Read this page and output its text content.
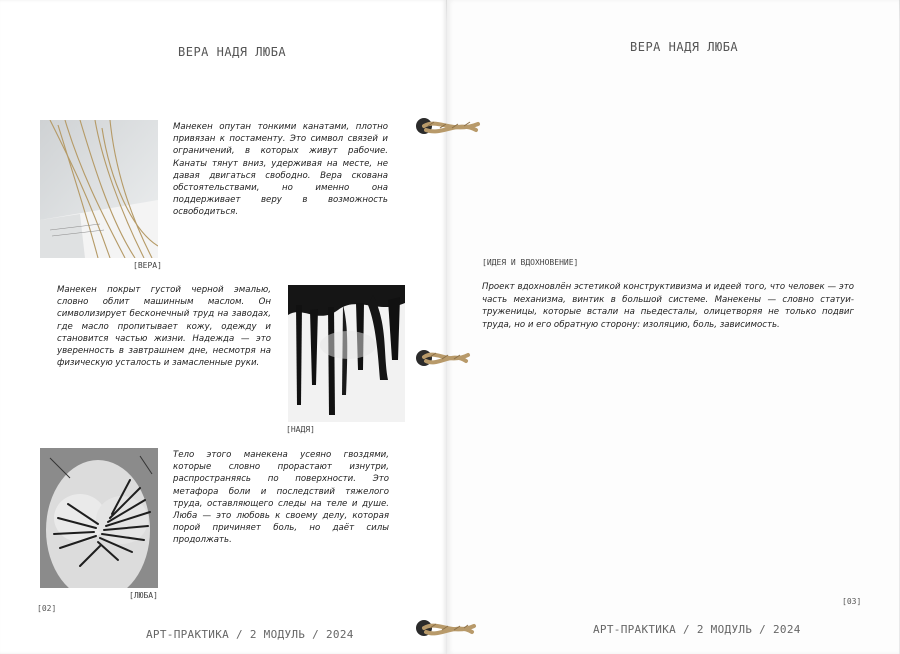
ВЕРА НАДЯ ЛЮБА
[ВЕРА]
Манекен опутан тонкими канатами, плотно привязан к постаменту. Это символ связей и ограничений, в которых живут рабочие. Канаты тянут вниз, удерживая на месте, не давая двигаться свободно. Вера скована обстоятельствами, но именно она поддерживает веру в возможность освободиться.
Манекен покрыт густой черной эмалью, словно облит машинным маслом. Он символизирует бесконечный труд на заводах, где масло пропитывает кожу, одежду и становится частью жизни. Надежда — это уверенность в завтрашнем дне, несмотря на физическую усталость и замасленные руки.
[НАДЯ]
[ЛЮБА]
Тело этого манекена усеяно гвоздями, которые словно прорастают изнутри, распространяясь по поверхности. Это метафора боли и последствий тяжелого труда, оставляющего следы на теле и душе. Люба — это любовь к своему делу, которая порой причиняет боль, но даёт силы продолжать.
[02]
АРТ-ПРАКТИКА / 2 МОДУЛЬ / 2024
ВЕРА НАДЯ ЛЮБА
[ИДЕЯ И ВДОХНОВЕНИЕ]
Проект вдохновлён эстетикой конструктивизма и идеей того, что человек — это часть механизма, винтик в большой системе. Манекены — словно статуи-труженицы, которые встали на пьедесталы, олицетворяя не только подвиг труда, но и его обратную сторону: изоляцию, боль, зависимость.
[03]
АРТ-ПРАКТИКА / 2 МОДУЛЬ / 2024
